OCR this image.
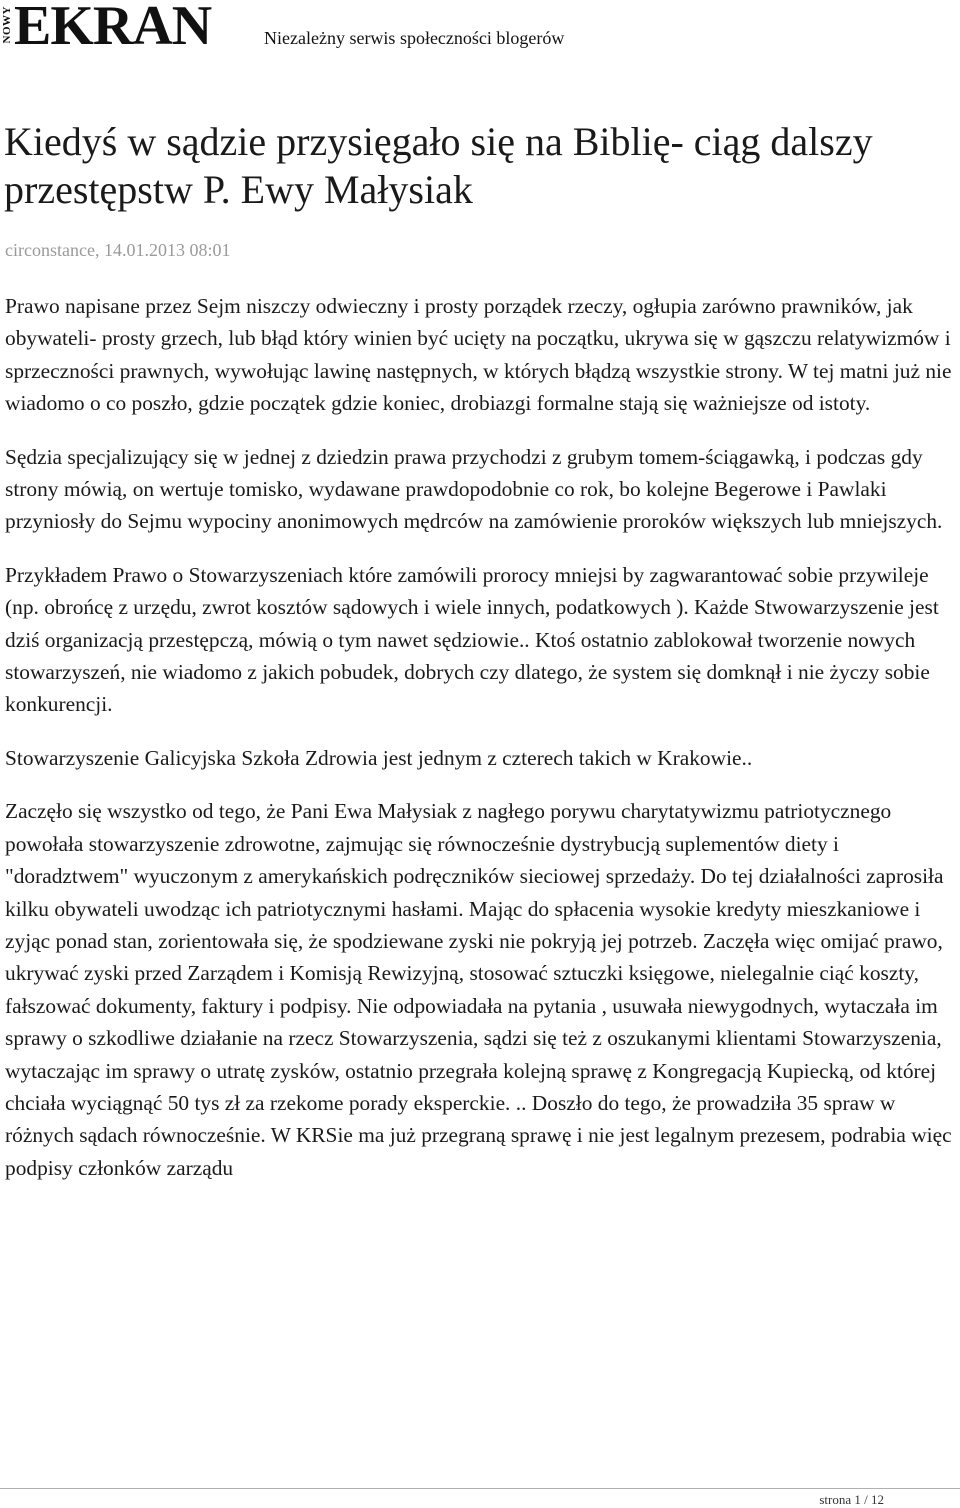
NOWY EKRAN	Niezależny serwis społeczności blogerów
Kiedyś w sądzie przysięgało się na Biblię- ciąg dalszy przestępstw P. Ewy Małysiak
circonstance, 14.01.2013 08:01

Prawo napisane przez Sejm niszczy odwieczny i prosty porządek rzeczy, ogłupia zarówno prawników, jak obywateli- prosty grzech, lub błąd który winien być ucięty na początku, ukrywa się w gąszczu relatywizmów i sprzeczności prawnych, wywołując lawinę następnych, w których błądzą wszystkie strony. W tej matni już nie wiadomo o co poszło, gdzie początek gdzie koniec, drobiazgi formalne stają się ważniejsze od istoty.

Sędzia specjalizujący się w jednej z dziedzin prawa przychodzi z grubym tomem-ściągawką, i podczas gdy strony mówią, on wertuje tomisko, wydawane prawdopodobnie co rok, bo kolejne Begerowe i Pawlaki przyniosły do Sejmu wypociny anonimowych mędrców na zamówienie proroków większych lub mniejszych.

Przykładem Prawo o Stowarzyszeniach które zamówili prorocy mniejsi by zagwarantować sobie przywileje (np. obrońcę z urzędu, zwrot kosztów sądowych i wiele innych, podatkowych ). Każde Stwowarzyszenie jest dziś organizacją przestępczą, mówią o tym nawet sędziowie.. Ktoś ostatnio zablokował tworzenie nowych stowarzyszeń, nie wiadomo z jakich pobudek, dobrych czy dlatego, że system się domknął i nie życzy sobie konkurencji.

Stowarzyszenie Galicyjska Szkoła Zdrowia jest jednym z czterech takich w Krakowie..

Zaczęło się wszystko od tego, że Pani Ewa Małysiak z nagłego porywu charytatywizmu patriotycznego powołała stowarzyszenie zdrowotne, zajmując się równocześnie dystrybucją suplementów diety i "doradztwem" wyuczonym z amerykańskich podręczników sieciowej sprzedaży. Do tej działalności zaprosiła kilku obywateli uwodząc ich patriotycznymi hasłami. Mając do spłacenia wysokie kredyty mieszkaniowe i zyjąc ponad stan, zorientowała się, że spodziewane zyski nie pokryją jej potrzeb. Zaczęła więc omijać prawo, ukrywać zyski przed Zarządem i Komisją Rewizyjną, stosować sztuczki księgowe, nielegalnie ciąć koszty, fałszować dokumenty, faktury i podpisy. Nie odpowiadała na pytania , usuwała niewygodnych, wytaczała im sprawy o szkodliwe działanie na rzecz Stowarzyszenia, sądzi się też z oszukanymi klientami Stowarzyszenia, wytaczając im sprawy o utratę zysków, ostatnio przegrała kolejną sprawę z Kongregacją Kupiecką, od której chciała wyciągnąć 50 tys zł za rzekome porady eksperckie. .. Doszło do tego, że prowadziła 35 spraw w różnych sądach równocześnie. W KRSie ma już przegraną sprawę i nie jest legalnym prezesem, podrabia więc podpisy członków zarządu

strona 1 / 12
